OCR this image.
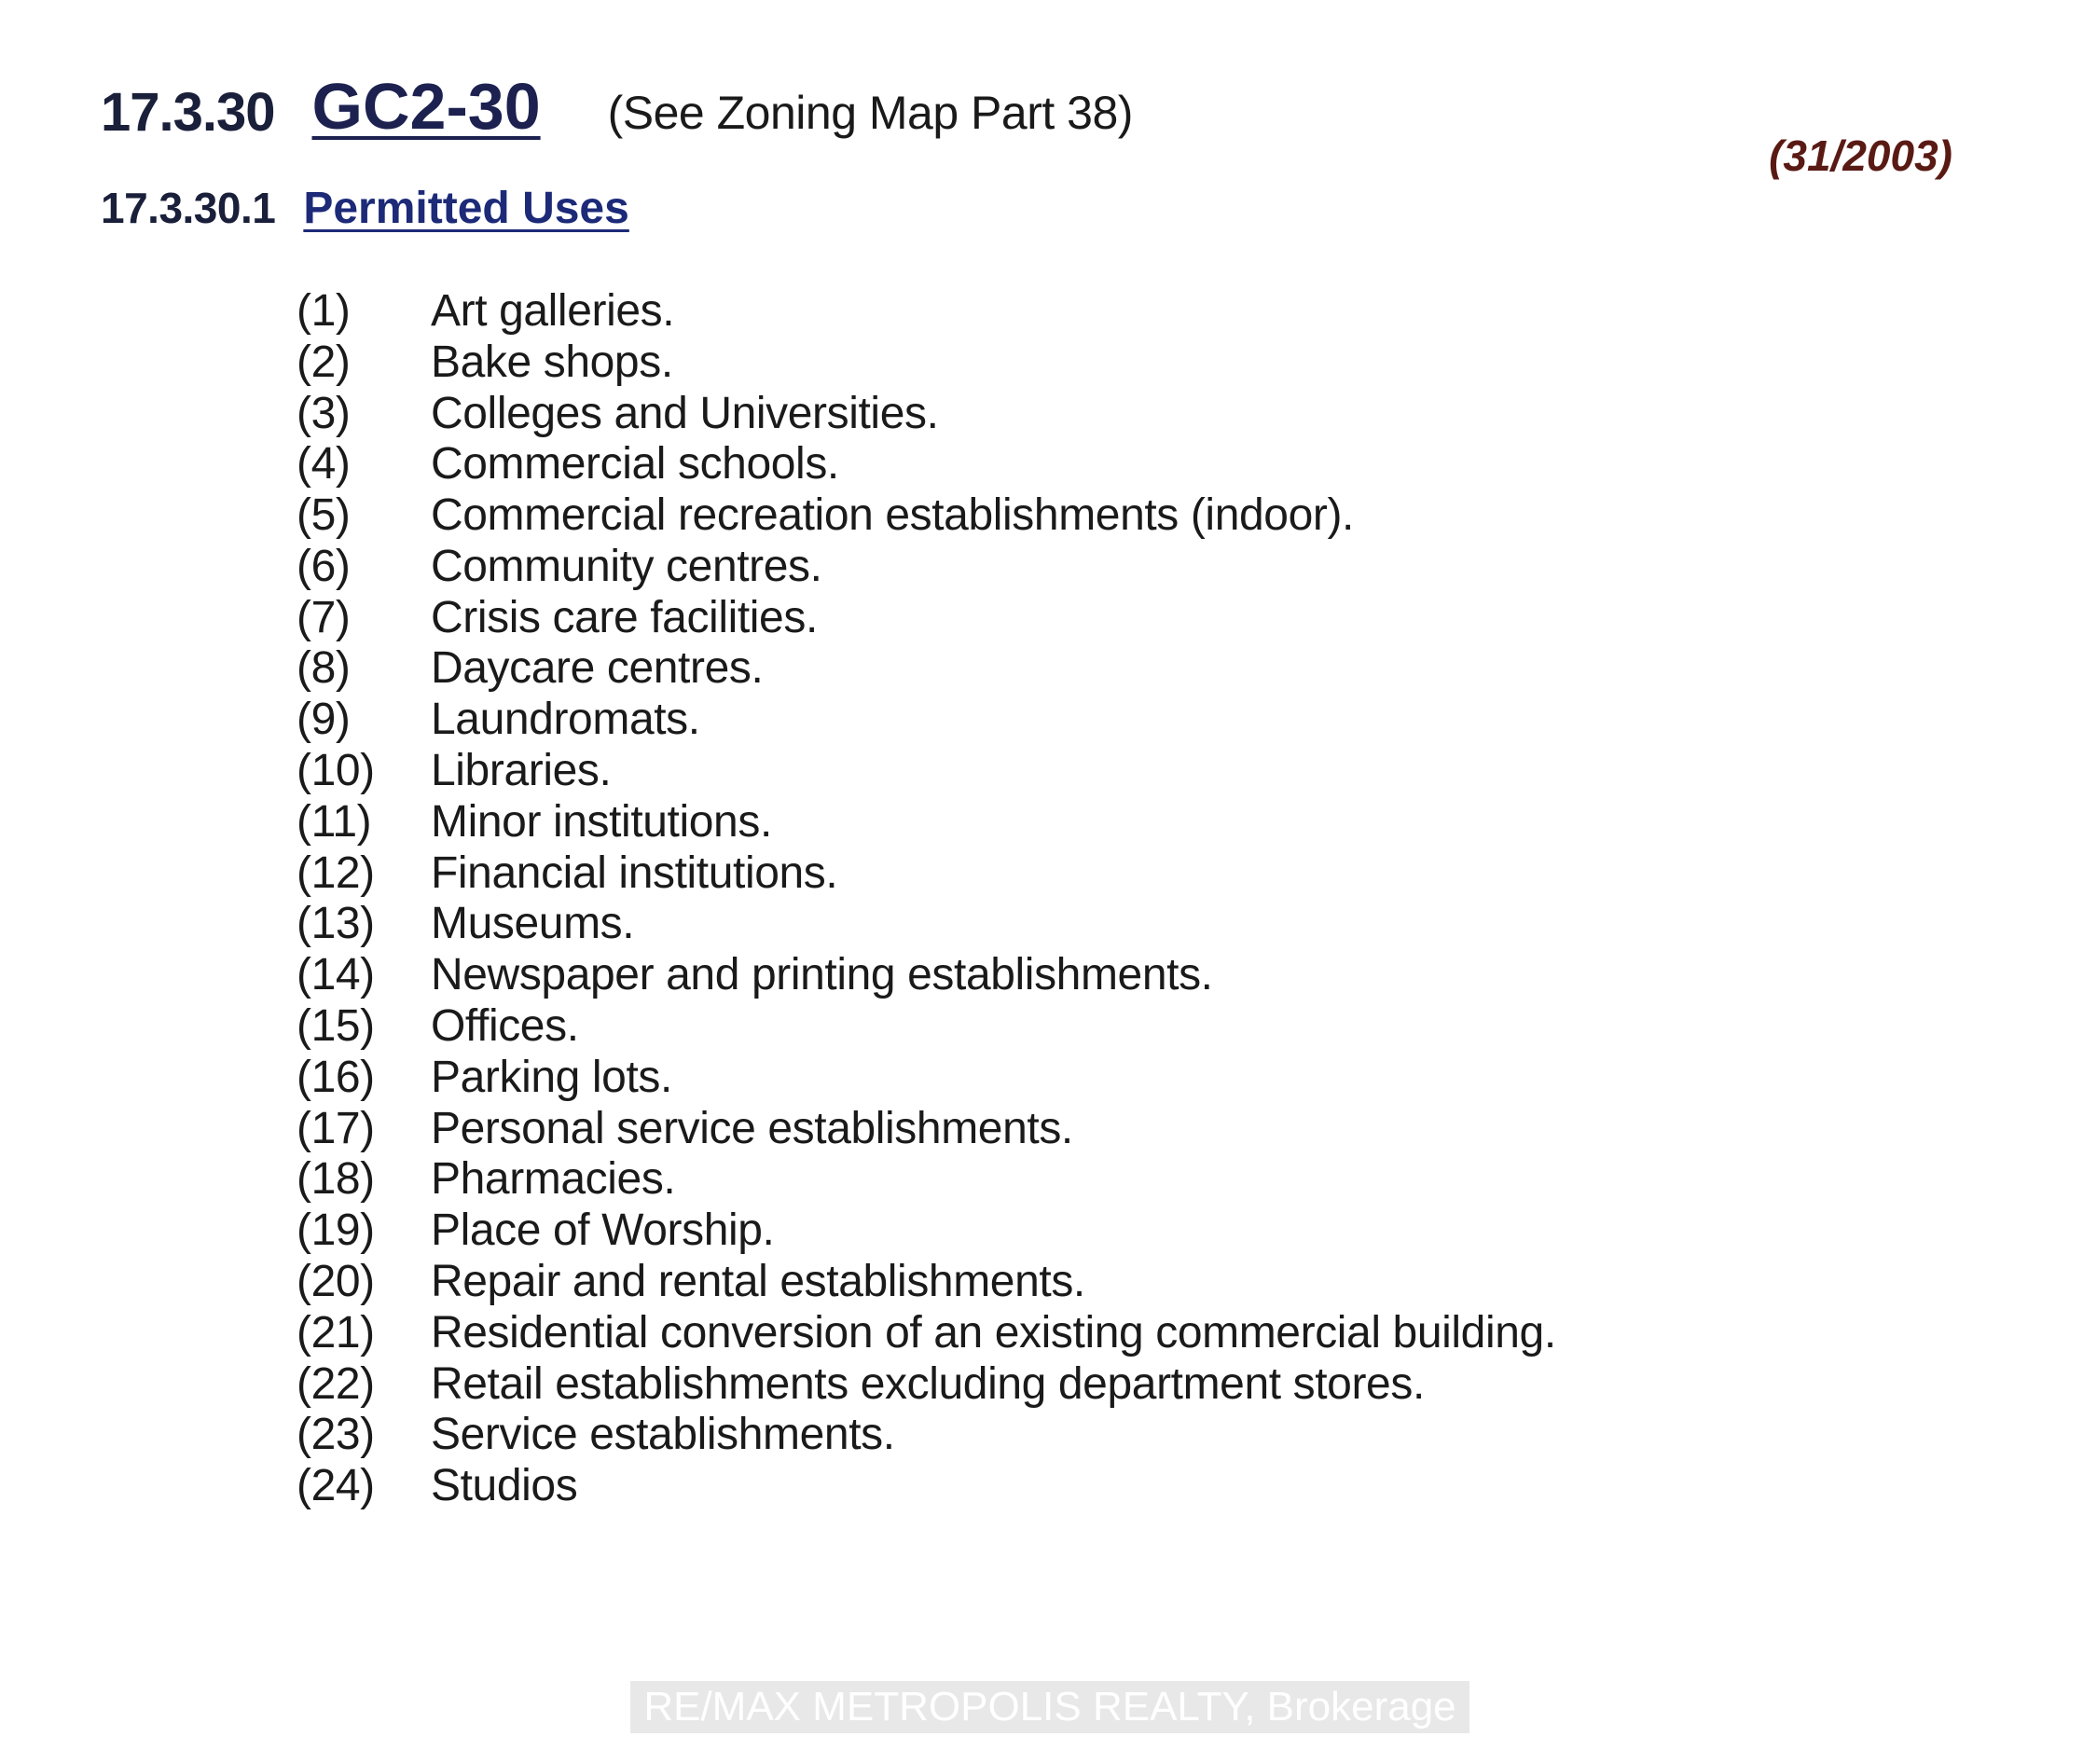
17.3.30 GC2-30 (See Zoning Map Part 38)
(31/2003)
17.3.30.1 Permitted Uses
(1)	Art galleries.
(2)	Bake shops.
(3)	Colleges and Universities.
(4)	Commercial schools.
(5)	Commercial recreation establishments (indoor).
(6)	Community centres.
(7)	Crisis care facilities.
(8)	Daycare centres.
(9)	Laundromats.
(10)	Libraries.
(11)	Minor institutions.
(12)	Financial institutions.
(13)	Museums.
(14)	Newspaper and printing establishments.
(15)	Offices.
(16)	Parking lots.
(17)	Personal service establishments.
(18)	Pharmacies.
(19)	Place of Worship.
(20)	Repair and rental establishments.
(21)	Residential conversion of an existing commercial building.
(22)	Retail establishments excluding department stores.
(23)	Service establishments.
(24)	Studios
RE/MAX METROPOLIS REALTY, Brokerage
